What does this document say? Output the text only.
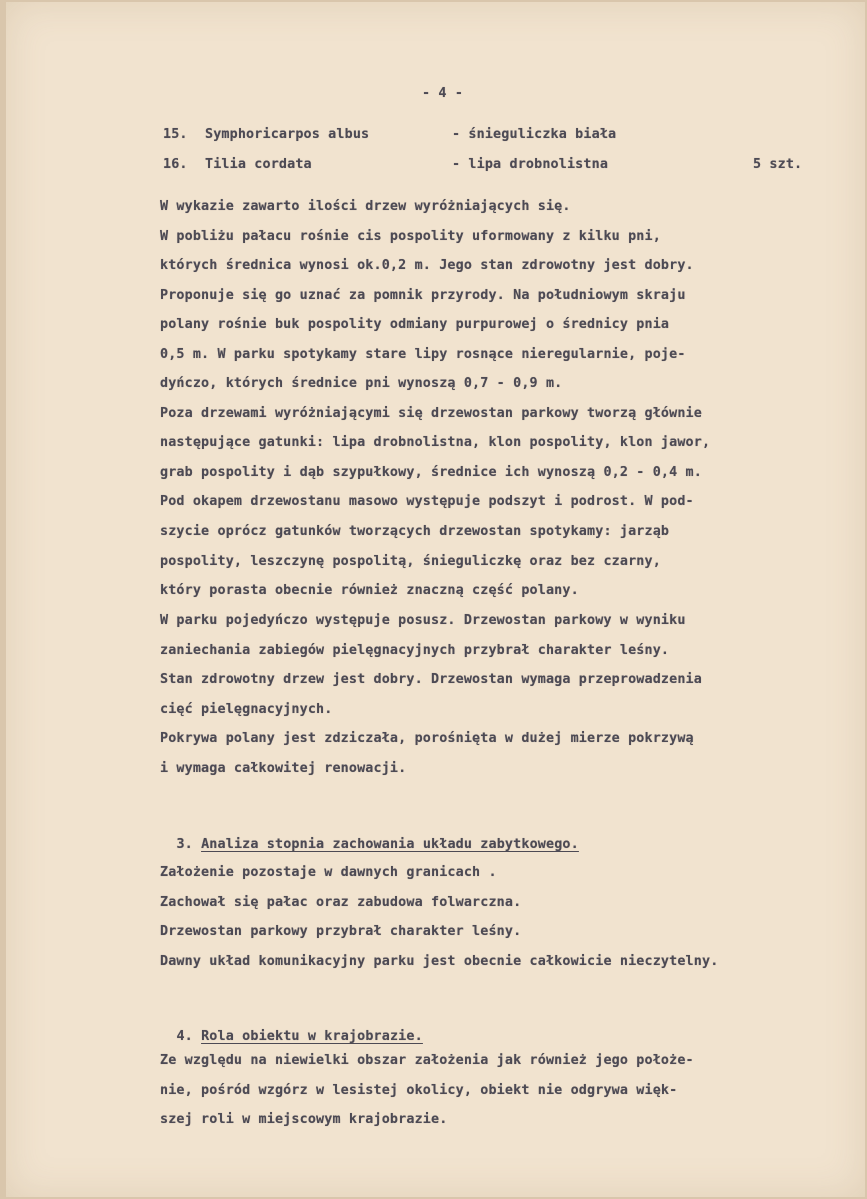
- 4 -
15. Symphoricarpos albus	- śnieguliczka biała
16. Tilia cordata	- lipa drobnolistna	5 szt.
W wykazie zawarto ilości drzew wyróżniających się.
W pobliżu pałacu rośnie cis pospolity uformowany z kilku pni,
których średnica wynosi ok.0,2 m. Jego stan zdrowotny jest dobry.
Proponuje się go uznać za pomnik przyrody. Na południowym skraju
polany rośnie buk pospolity odmiany purpurowej o średnicy pnia
0,5 m. W parku spotykamy stare lipy rosnące nieregularnie, poje-
dyńczo, których średnice pni wynoszą 0,7 - 0,9 m.
Poza drzewami wyróżniającymi się drzewostan parkowy tworzą głównie
następujące gatunki: lipa drobnolistna, klon pospolity, klon jawor,
grab pospolity i dąb szypułkowy, średnice ich wynoszą 0,2 - 0,4 m.
Pod okapem drzewostanu masowo występuje podszyt i podrost. W pod-
szycie oprócz gatunków tworzących drzewostan spotykamy: jarząb
pospolity, leszczynę pospolitą, śnieguliczkę oraz bez czarny,
który porasta obecnie również znaczną część polany.
W parku pojedyńczo występuje posusz. Drzewostan parkowy w wyniku
zaniechania zabiegów pielęgnacyjnych przybrał charakter leśny.
Stan zdrowotny drzew jest dobry. Drzewostan wymaga przeprowadzenia
cięć pielęgnacyjnych.
Pokrywa polany jest zdziczała, porośnięta w dużej mierze pokrzywą
i wymaga całkowitej renowacji.

3. Analiza stopnia zachowania układu zabytkowego.

Założenie pozostaje w dawnych granicach .
Zachował się pałac oraz zabudowa folwarczna.
Drzewostan parkowy przybrał charakter leśny.
Dawny układ komunikacyjny parku jest obecnie całkowicie nieczytelny.

4. Rola obiektu w krajobrazie.

Ze względu na niewielki obszar założenia jak również jego położe-
nie, pośród wzgórz w lesistej okolicy, obiekt nie odgrywa więk-
szej roli w miejscowym krajobrazie.
